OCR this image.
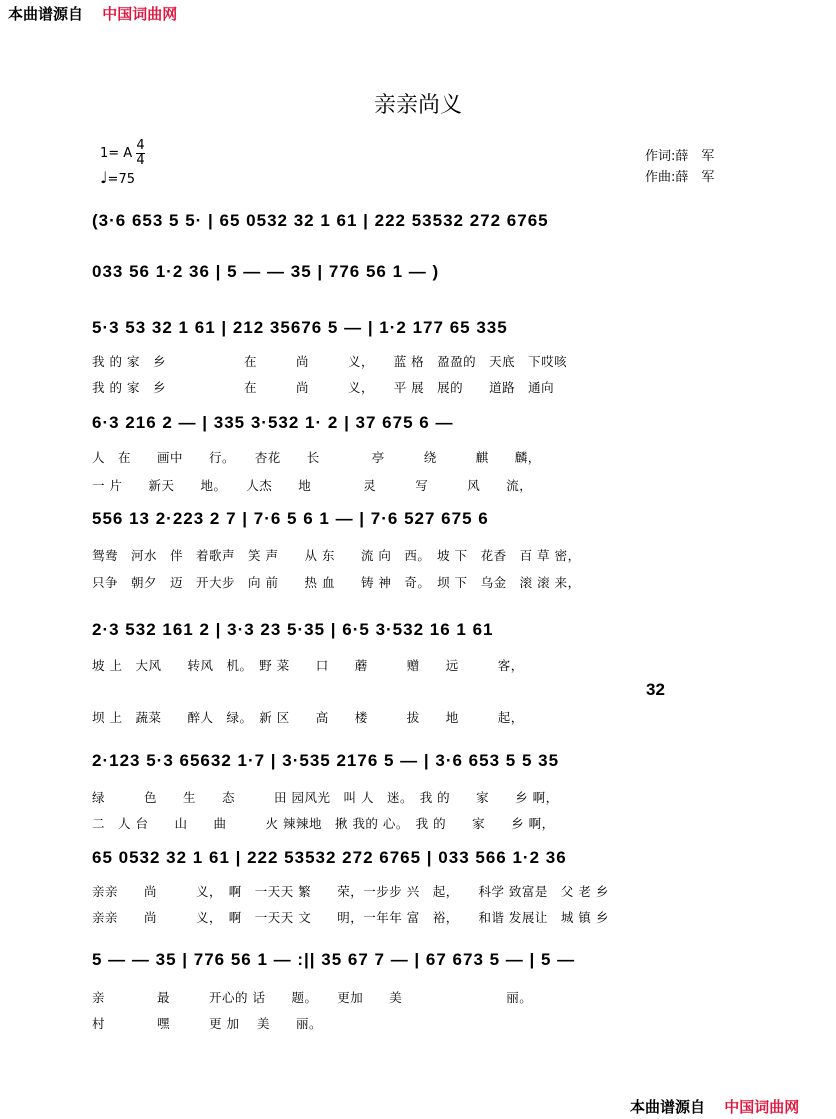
本曲谱源自 中国词曲网
亲亲尚义
1= A $\frac{4}{4}$
♩=75
作词:薛　军
作曲:薛　军
(3·6 653 5 5· | 65 0532 32 1 61 | 222 53532 272 6765
033 56 1·2 36 | 5 — — 35 | 776 56 1 — )
5·3 53 32 1 61 | 212 35676 5 — | 1·2 177 65 335
我 的 家　乡　　　　　　在　　　尚　　　义，　　蓝 格　盈盈的　天底　下哎咳
我 的 家　乡　　　　　　在　　　尚　　　义，　　平 展　展的　　道路　通向
6·3 216 2 — | 335 3·532 1· 2 | 37 675 6 —
人　在　　画中　　行。　　杏花　　长　　　　亭　　　绕　　　麒　　麟，
一 片　　新天　　地。　　人杰　　地　　　　灵　　　写　　　风　　流，
556 13 2·223 2 7 | 7·6 5 6 1 — | 7·6 527 675 6
鸳鸯　河水　伴　着歌声　笑 声　　从 东　　流 向　西。　坡 下　花香　百 草 密，
只争　朝夕　迈　开大步　向 前　　热 血　　铸 神　奇。　坝 下　乌金　滚 滚 来，
2·3 532 161 2 | 3·3 23 5·35 | 6·5 3·532 16 1 61
坡 上　大风　　转风　机。　野 菜　　口　　蘑　　　赠　　远　　　客，
32
坝 上　蔬菜　　醉人　绿。　新 区　　高　　楼　　　拔　　地　　　起，
2·123 5·3 65632 1·7 | 3·535 2176 5 — | 3·6 653 5 5 35
绿　　　色　　生　　态　　　田 园风光　叫 人　迷。　我 的　　家　　乡 啊，
二　人 台　　山　　曲　　　火 辣辣地　揪 我的 心。　我 的　　家　　乡 啊，
65 0532 32 1 61 | 222 53532 272 6765 | 033 566 1·2 36
亲亲　　尚　　　义，　啊　一天天 繁　　荣，一步步 兴　起，　　科学 致富是　父 老 乡
亲亲　　尚　　　义，　啊　一天天 文　　明，一年年 富　裕，　　和谐 发展让　城 镇 乡
5 — — 35 | 776 56 1 — :|| 35 67 7 — | 67 673 5 — | 5 —
亲　　　　最　　　开心的 话　　题。　　更加　　美　　　　　　　　丽。
村　　　　嘿　　　更 加　 美　　丽。
本曲谱源自 中国词曲网
